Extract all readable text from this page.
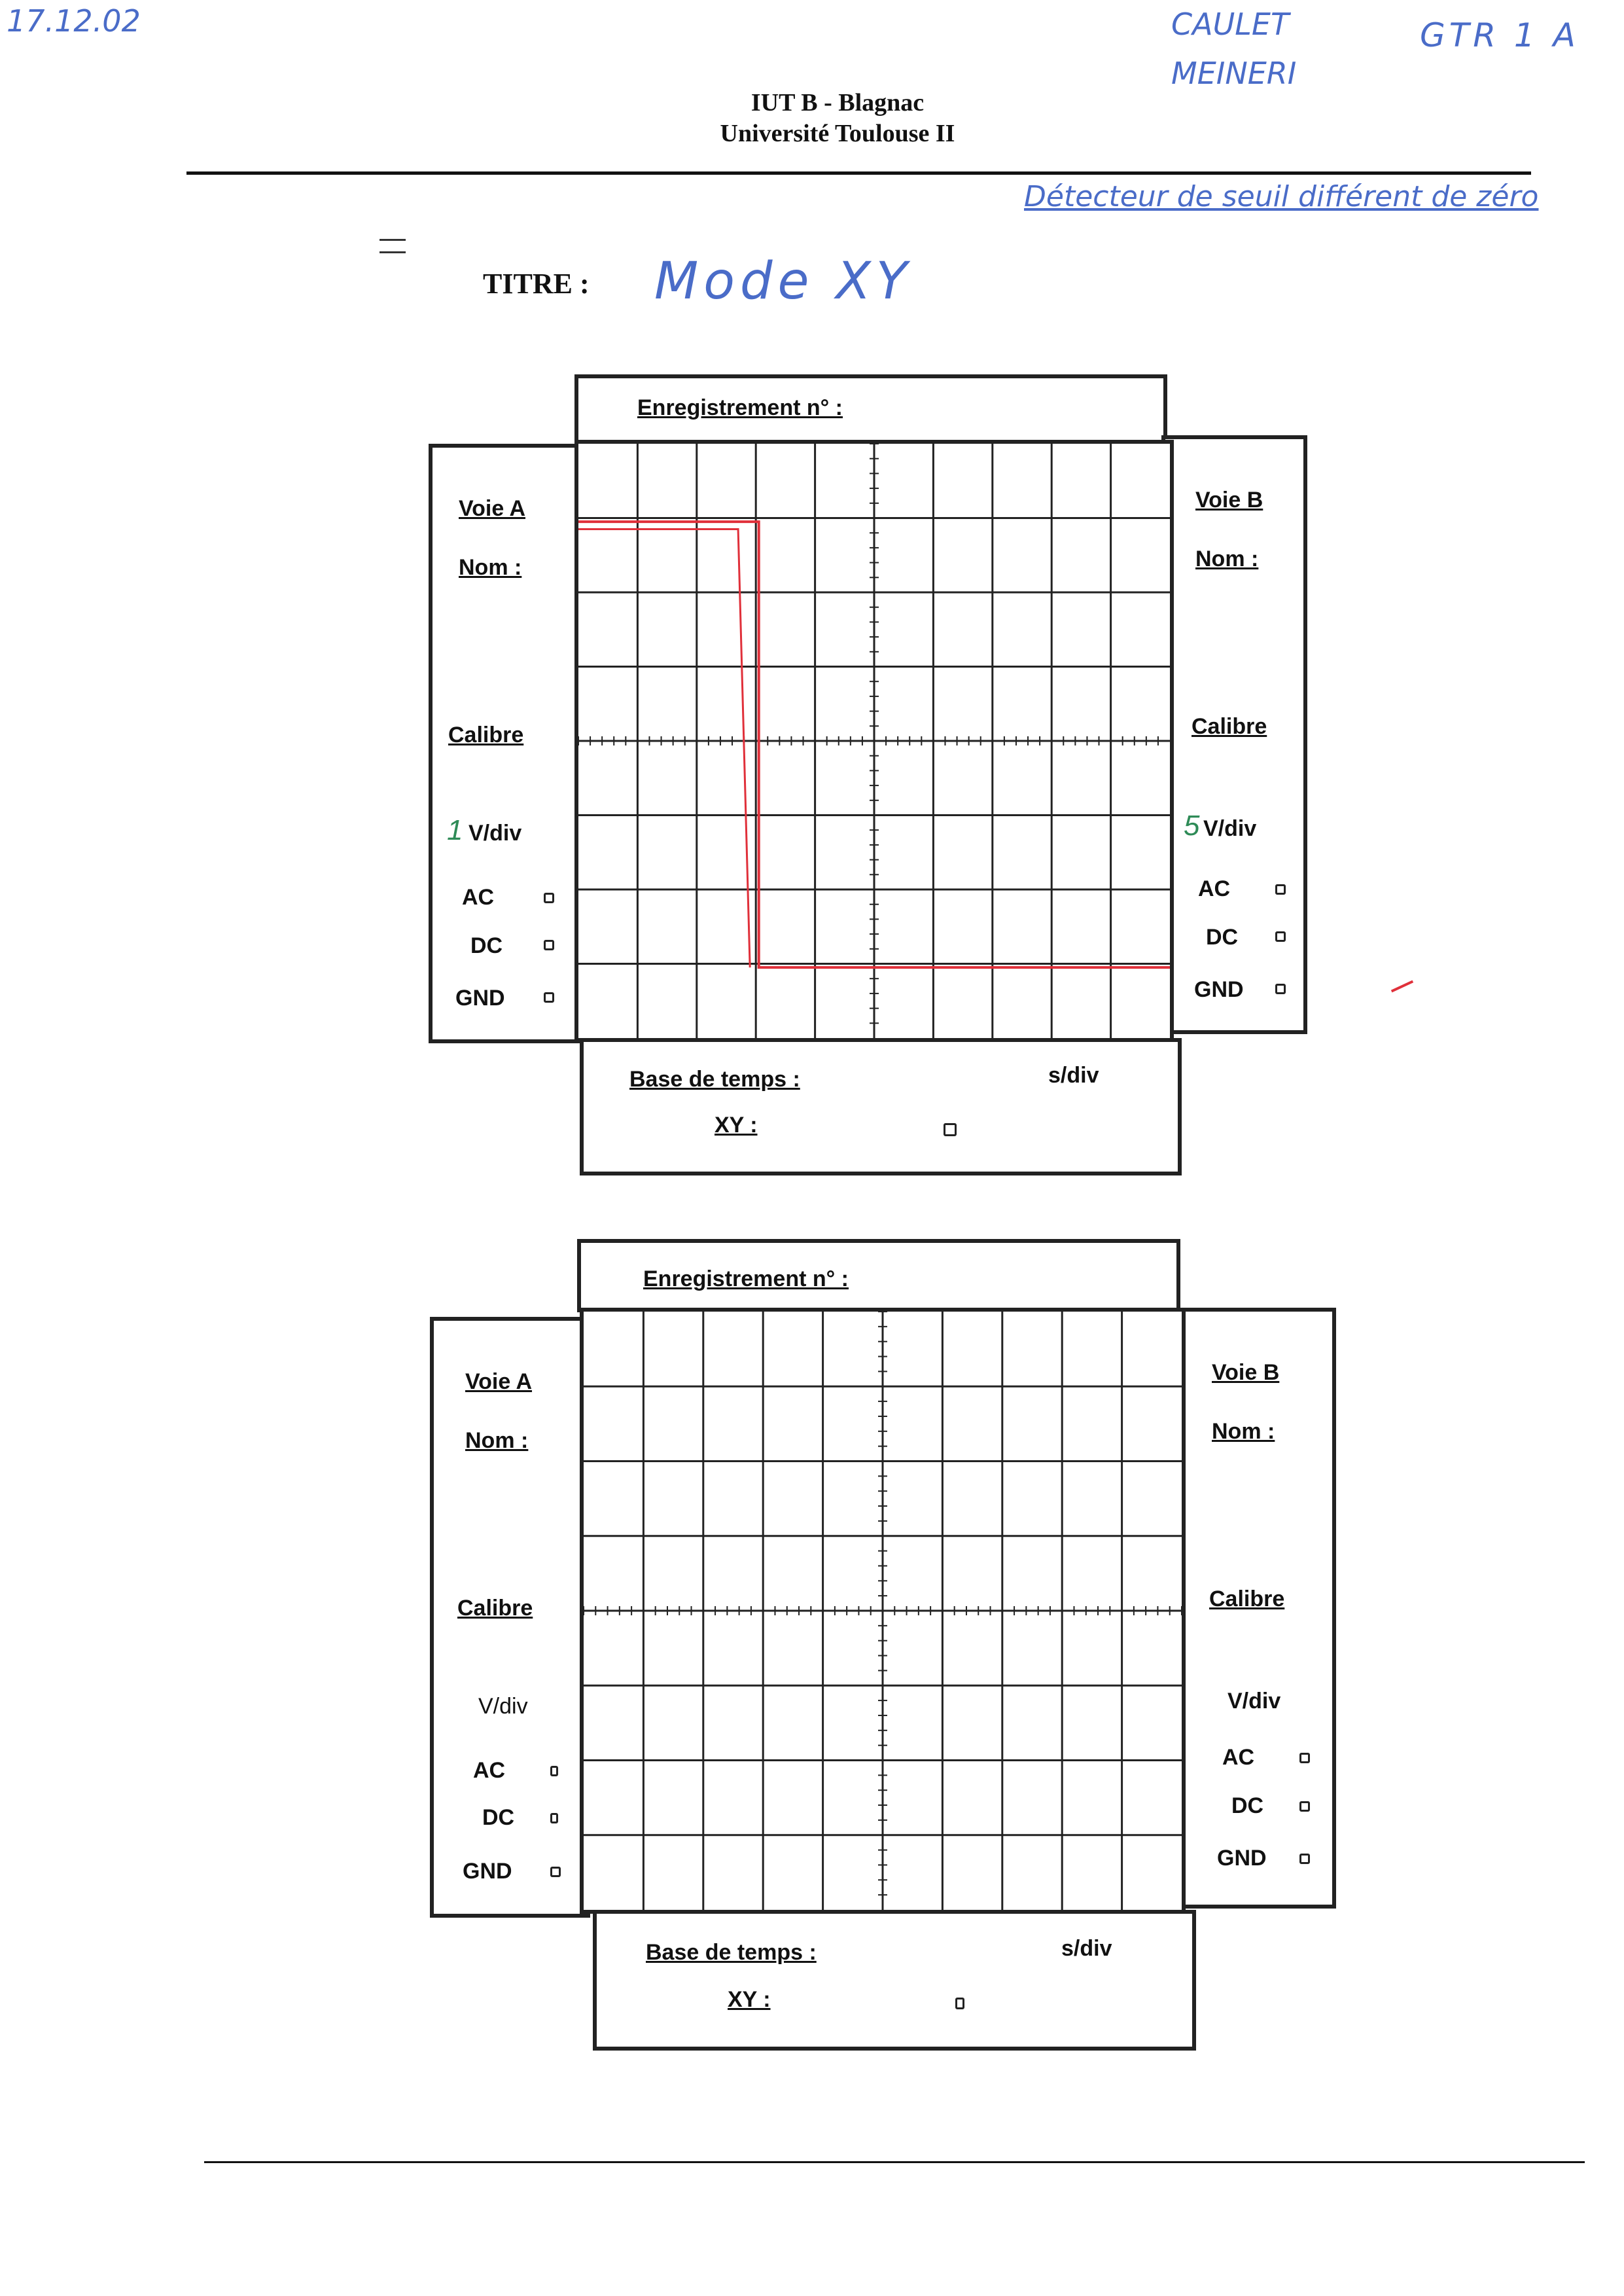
17.12.02	CAULET
MEINERI
GTR 1 A
IUT B - Blagnac
Université Toulouse II
Détecteur de seuil différent de zéro
TITRE : Mode XY
Enregistrement n° :
Voie A
Nom :
Calibre
1 V/div
AC
DC
GND
Voie B
Nom :
Calibre
5 V/div
AC
DC
GND
Base de temps :	s/div
XY :
Enregistrement n° :
Voie A
Nom :
Calibre
V/div
AC
DC
GND
Voie B
Nom :
Calibre
V/div
AC
DC
GND
Base de temps :	s/div
XY :
